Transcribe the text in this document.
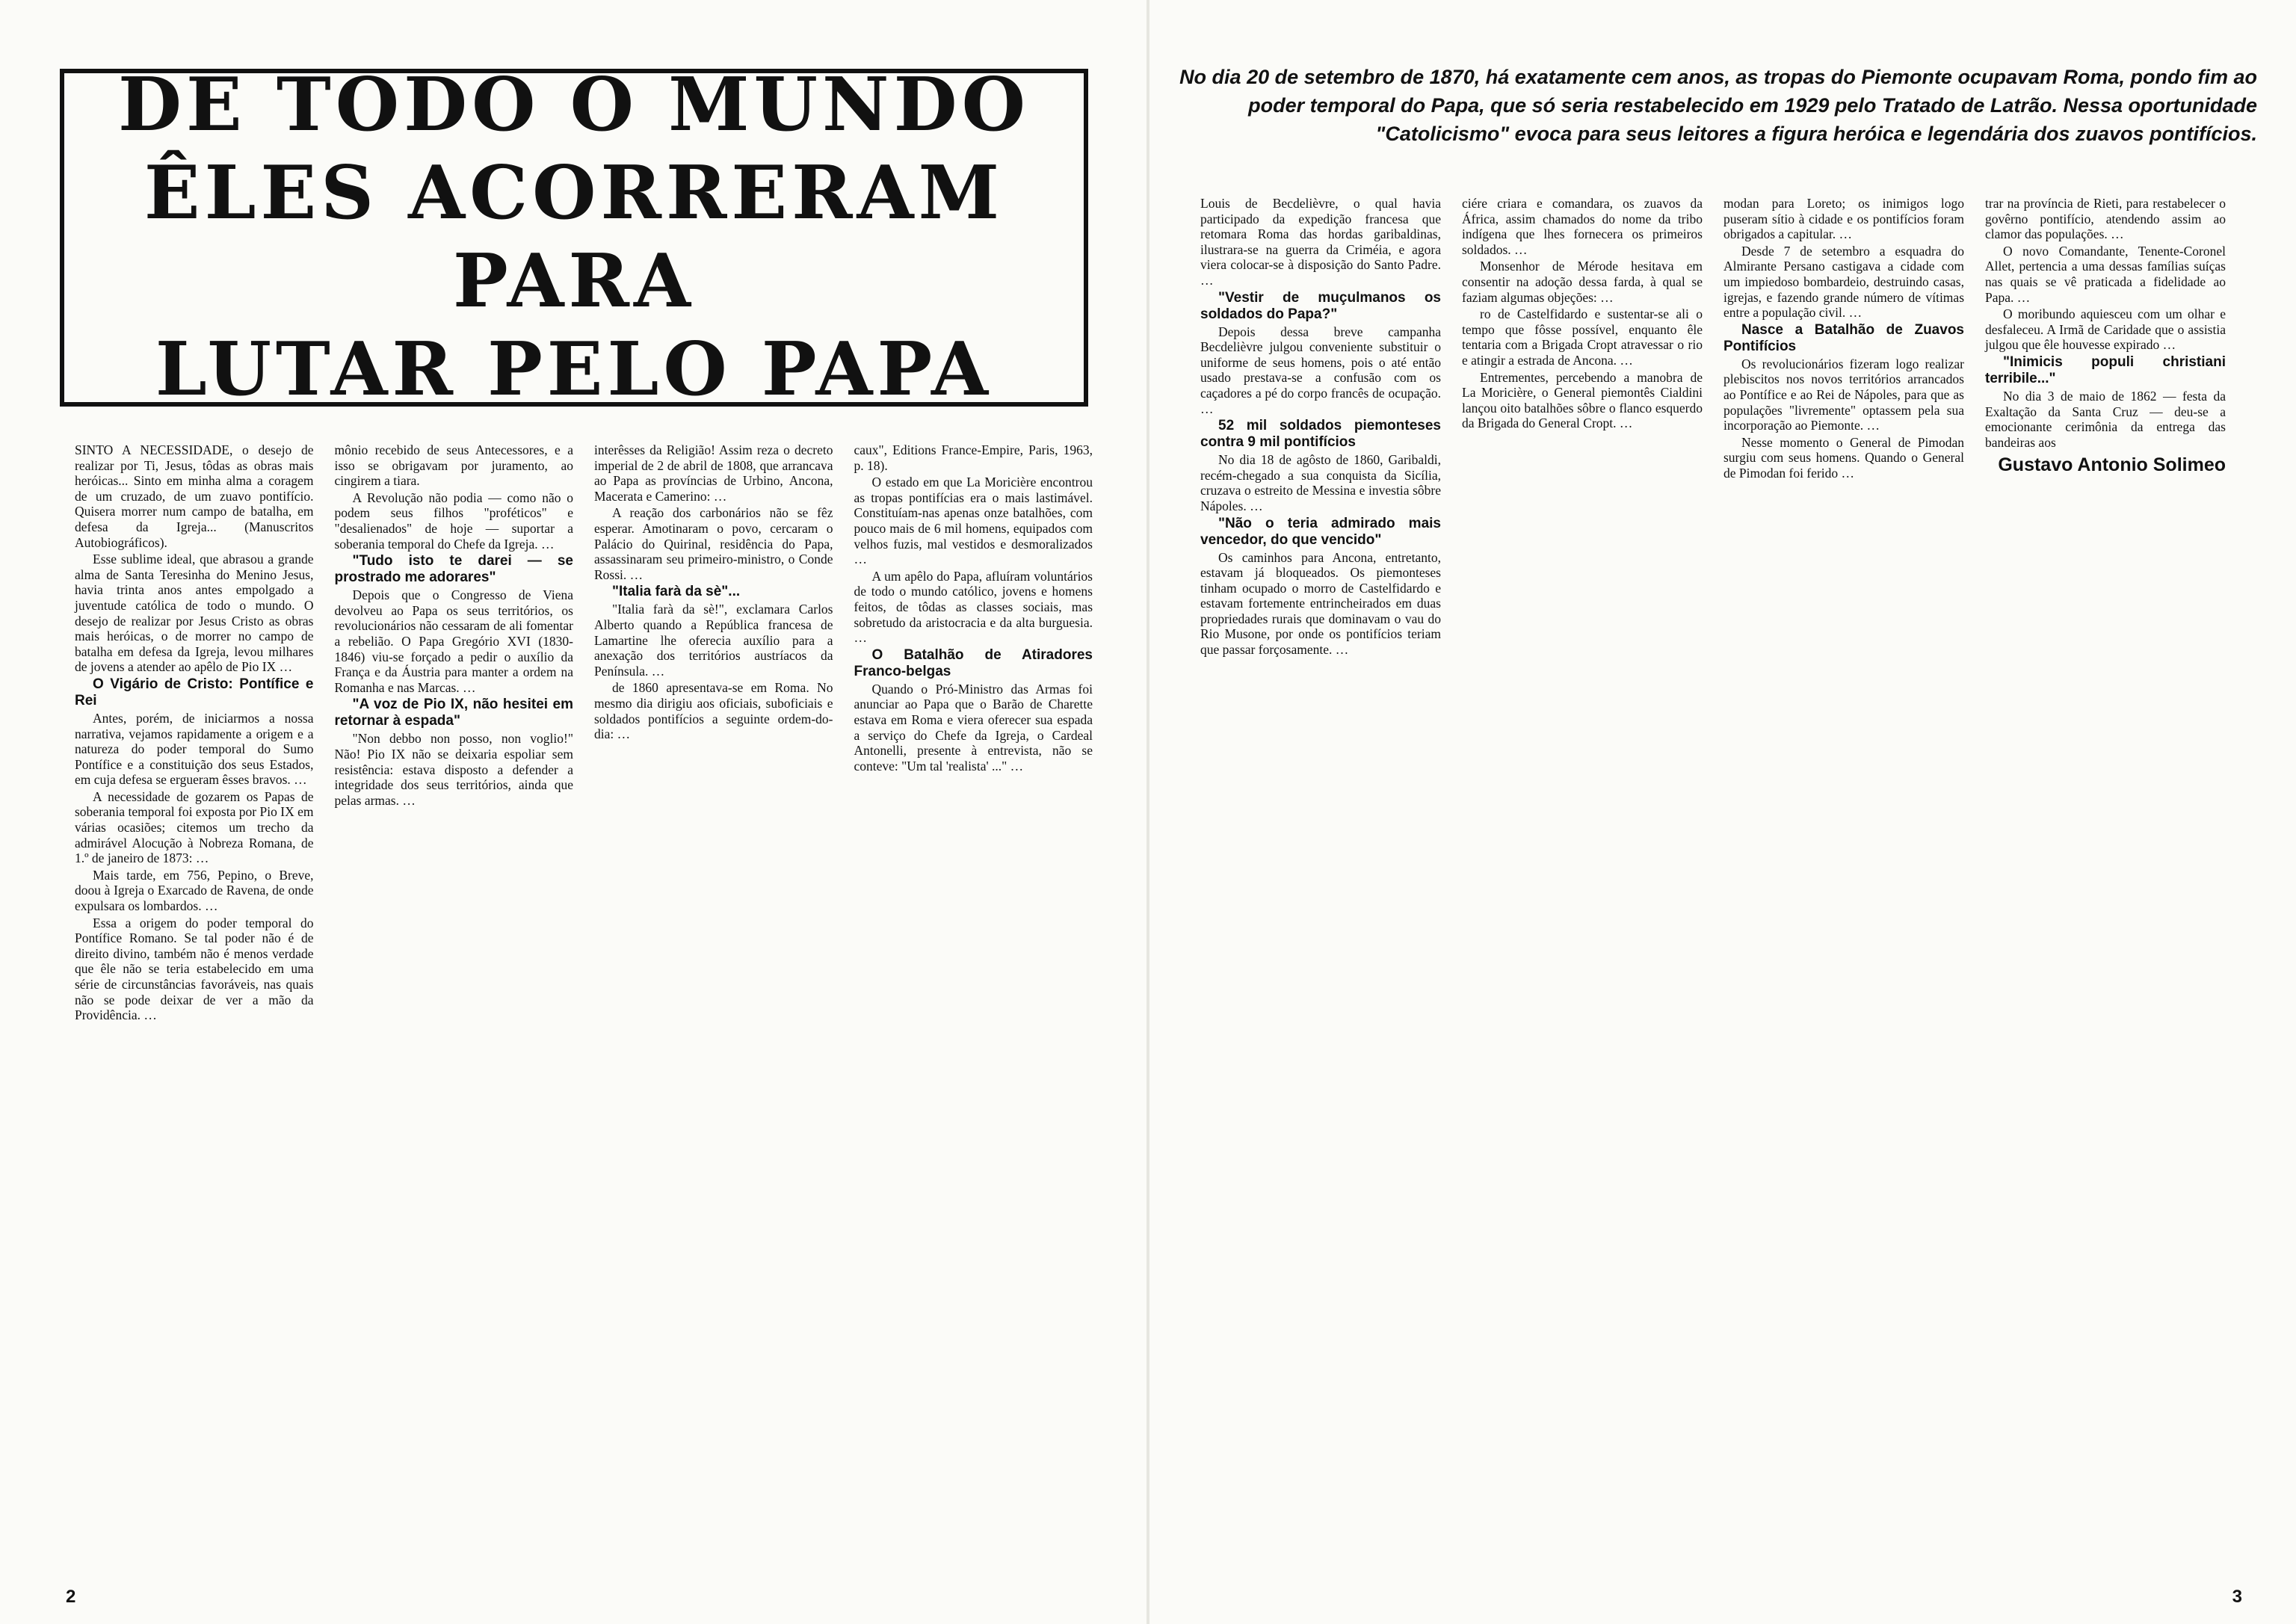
DE TODO O MUNDO
ÊLES ACORRERAM PARA
LUTAR PELO PAPA

SINTO A NECESSIDADE, o desejo de realizar por Ti, Jesus, tôdas as obras mais heróicas... Sinto em minha alma a coragem de um cruzado, de um zuavo pontifício. Quisera morrer num campo de batalha, em defesa da Igreja... (Manuscritos Autobiográficos).

Esse sublime ideal, que abrasou a grande alma de Santa Teresinha do Menino Jesus, havia trinta anos antes empolgado a juventude católica de todo o mundo. O desejo de realizar por Jesus Cristo as obras mais heróicas, o de morrer no campo de batalha em defesa da Igreja, levou milhares de jovens a atender ao apêlo de Pio IX …

O Vigário de Cristo: Pontífice e Rei

Antes, porém, de iniciarmos a nossa narrativa, vejamos rapidamente a origem e a natureza do poder temporal do Sumo Pontífice e a constituição dos seus Estados, em cuja defesa se ergueram êsses bravos. …

A necessidade de gozarem os Papas de soberania temporal foi exposta por Pio IX em várias ocasiões; citemos um trecho da admirável Alocução à Nobreza Romana, de 1.º de janeiro de 1873: …

Mais tarde, em 756, Pepino, o Breve, doou à Igreja o Exarcado de Ravena, de onde expulsara os lombardos. …

Essa a origem do poder temporal do Pontífice Romano. Se tal poder não é de direito divino, também não é menos verdade que êle não se teria estabelecido em uma série de circunstâncias favoráveis, nas quais não se pode deixar de ver a mão da Providência. …

mônio recebido de seus Antecessores, e a isso se obrigavam por juramento, ao cingirem a tiara.

A Revolução não podia — como não o podem seus filhos "proféticos" e "desalienados" de hoje — suportar a soberania temporal do Chefe da Igreja. …

"Tudo isto te darei — se prostrado me adorares"

Depois que o Congresso de Viena devolveu ao Papa os seus territórios, os revolucionários não cessaram de ali fomentar a rebelião. O Papa Gregório XVI (1830-1846) viu-se forçado a pedir o auxílio da França e da Áustria para manter a ordem na Romanha e nas Marcas. …

"A voz de Pio IX, não hesitei em retornar à espada"

"Non debbo non posso, non voglio!" Não! Pio IX não se deixaria espoliar sem resistência: estava disposto a defender a integridade dos seus territórios, ainda que pelas armas. …

interêsses da Religião! Assim reza o decreto imperial de 2 de abril de 1808, que arrancava ao Papa as províncias de Urbino, Ancona, Macerata e Camerino: …

A reação dos carbonários não se fêz esperar. Amotinaram o povo, cercaram o Palácio do Quirinal, residência do Papa, assassinaram seu primeiro-ministro, o Conde Rossi. …

"Italia farà da sè"...

"Italia farà da sè!", exclamara Carlos Alberto quando a República francesa de Lamartine lhe oferecia auxílio para a anexação dos territórios austríacos da Península. …

de 1860 apresentava-se em Roma. No mesmo dia dirigiu aos oficiais, suboficiais e soldados pontifícios a seguinte ordem-do-dia: …

caux", Editions France-Empire, Paris, 1963, p. 18).

O estado em que La Moricière encontrou as tropas pontifícias era o mais lastimável. Constituíam-nas apenas onze batalhões, com pouco mais de 6 mil homens, equipados com velhos fuzis, mal vestidos e desmoralizados …

A um apêlo do Papa, afluíram voluntários de todo o mundo católico, jovens e homens feitos, de tôdas as classes sociais, mas sobretudo da aristocracia e da alta burguesia. …

O Batalhão de Atiradores Franco-belgas

Quando o Pró-Ministro das Armas foi anunciar ao Papa que o Barão de Charette estava em Roma e viera oferecer sua espada a serviço do Chefe da Igreja, o Cardeal Antonelli, presente à entrevista, não se conteve: "Um tal 'realista' ..." …

2
No dia 20 de setembro de 1870, há exatamente cem anos, as tropas do Piemonte ocupavam Roma, pondo fim ao poder temporal do Papa, que só seria restabelecido em 1929 pelo Tratado de Latrão. Nessa oportunidade "Catolicismo" evoca para seus leitores a figura heróica e legendária dos zuavos pontifícios.

Louis de Becdelièvre, o qual havia participado da expedição francesa que retomara Roma das hordas garibaldinas, ilustrara-se na guerra da Criméia, e agora viera colocar-se à disposição do Santo Padre. …

"Vestir de muçulmanos os soldados do Papa?"

Depois dessa breve campanha Becdelièvre julgou conveniente substituir o uniforme de seus homens, pois o até então usado prestava-se a confusão com os caçadores a pé do corpo francês de ocupação. …

52 mil soldados piemonteses contra 9 mil pontifícios

No dia 18 de agôsto de 1860, Garibaldi, recém-chegado a sua conquista da Sicília, cruzava o estreito de Messina e investia sôbre Nápoles. …

"Não o teria admirado mais vencedor, do que vencido"

Os caminhos para Ancona, entretanto, estavam já bloqueados. Os piemonteses tinham ocupado o morro de Castelfidardo e estavam fortemente entrincheirados em duas propriedades rurais que dominavam o vau do Rio Musone, por onde os pontifícios teriam que passar forçosamente. …

ciére criara e comandara, os zuavos da África, assim chamados do nome da tribo indígena que lhes fornecera os primeiros soldados. …

Monsenhor de Mérode hesitava em consentir na adoção dessa farda, à qual se faziam algumas objeções: …

ro de Castelfidardo e sustentar-se ali o tempo que fôsse possível, enquanto êle tentaria com a Brigada Cropt atravessar o rio e atingir a estrada de Ancona. …

Entrementes, percebendo a manobra de La Moricière, o General piemontês Cialdini lançou oito batalhões sôbre o flanco esquerdo da Brigada do General Cropt. …

modan para Loreto; os inimigos logo puseram sítio à cidade e os pontifícios foram obrigados a capitular. …

Desde 7 de setembro a esquadra do Almirante Persano castigava a cidade com um impiedoso bombardeio, destruindo casas, igrejas, e fazendo grande número de vítimas entre a população civil. …

Nasce a Batalhão de Zuavos Pontifícios

Os revolucionários fizeram logo realizar plebiscitos nos novos territórios arrancados ao Pontífice e ao Rei de Nápoles, para que as populações "livremente" optassem pela sua incorporação ao Piemonte. …

Nesse momento o General de Pimodan surgiu com seus homens. Quando o General de Pimodan foi ferido …

trar na província de Rieti, para restabelecer o govêrno pontifício, atendendo assim ao clamor das populações. …

O novo Comandante, Tenente-Coronel Allet, pertencia a uma dessas famílias suíças nas quais se vê praticada a fidelidade ao Papa. …

O moribundo aquiesceu com um olhar e desfaleceu. A Irmã de Caridade que o assistia julgou que êle houvesse expirado …

"Inimicis populi christiani terribile..."

No dia 3 de maio de 1862 — festa da Exaltação da Santa Cruz — deu-se a emocionante cerimônia da entrega das bandeiras aos

Gustavo Antonio Solimeo
3
